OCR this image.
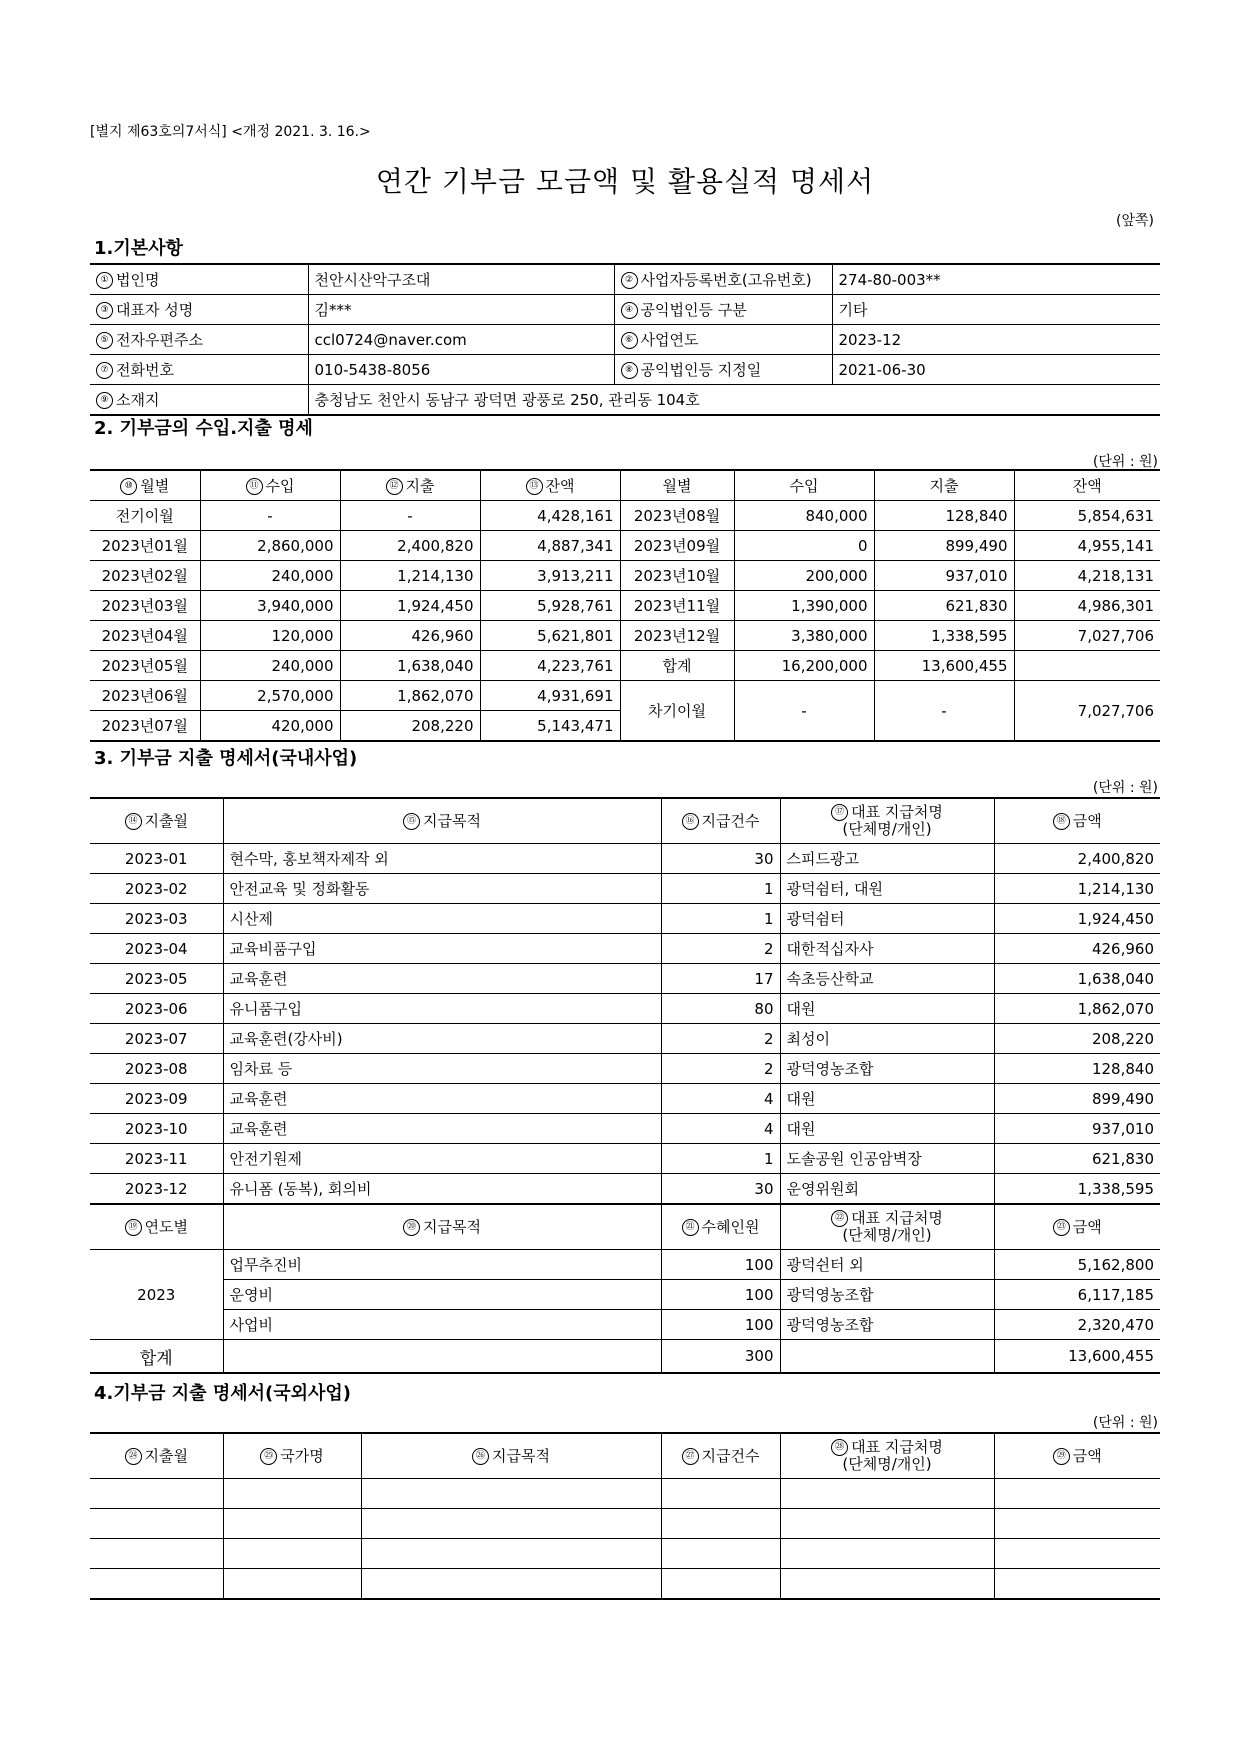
[별지 제63호의7서식] <개정 2021. 3. 16.>
연간 기부금 모금액 및 활용실적 명세서
(앞쪽)
1.기본사항
① 법인명	천안시산악구조대	② 사업자등록번호(고유번호)	274-80-003**
③ 대표자 성명	김***	④ 공익법인등 구분	기타
⑤ 전자우편주소	ccl0724@naver.com	⑥ 사업연도	2023-12
⑦ 전화번호	010-5438-8056	⑧ 공익법인등 지정일	2021-06-30
⑨ 소재지	충청남도 천안시 동남구 광덕면 광풍로 250, 관리동 104호		
2. 기부금의 수입.지출 명세
(단위 : 원)
⑩ 월별	⑪ 수입	⑫ 지출	⑬ 잔액	월별	수입	지출	잔액
전기이월	-	-	4,428,161	2023년08월	840,000	128,840	5,854,631
2023년01월	2,860,000	2,400,820	4,887,341	2023년09월	0	899,490	4,955,141
2023년02월	240,000	1,214,130	3,913,211	2023년10월	200,000	937,010	4,218,131
2023년03월	3,940,000	1,924,450	5,928,761	2023년11월	1,390,000	621,830	4,986,301
2023년04월	120,000	426,960	5,621,801	2023년12월	3,380,000	1,338,595	7,027,706
2023년05월	240,000	1,638,040	4,223,761	합계	16,200,000	13,600,455	
2023년06월	2,570,000	1,862,070	4,931,691	차기이월	-	-	7,027,706
2023년07월	420,000	208,220	5,143,471				
3. 기부금 지출 명세서(국내사업)
(단위 : 원)
⑭ 지출월	⑮ 지급목적	⑯ 지급건수	⑰ 대표 지급처명
(단체명/개인)	⑱ 금액
2023-01	현수막, 홍보책자제작 외	30	스피드광고	2,400,820
2023-02	안전교육 및 정화활동	1	광덕쉼터, 대원	1,214,130
2023-03	시산제	1	광덕쉼터	1,924,450
2023-04	교육비품구입	2	대한적십자사	426,960
2023-05	교육훈련	17	속초등산학교	1,638,040
2023-06	유니품구입	80	대원	1,862,070
2023-07	교육훈련(강사비)	2	최성이	208,220
2023-08	임차료 등	2	광덕영농조합	128,840
2023-09	교육훈련	4	대원	899,490
2023-10	교육훈련	4	대원	937,010
2023-11	안전기원제	1	도솔공원 인공암벽장	621,830
2023-12	유니폼 (동복), 회의비	30	운영위원회	1,338,595
⑲ 연도별	⑳ 지급목적	㉑ 수혜인원	㉒ 대표 지급처명
(단체명/개인)	㉓ 금액
2023	업무추진비	100	광덕쉰터 외	5,162,800
	운영비	100	광덕영농조합	6,117,185
	사업비	100	광덕영농조합	2,320,470
합계		300		13,600,455
4.기부금 지출 명세서(국외사업)
(단위 : 원)
㉔ 지출월	㉕ 국가명	㉖ 지급목적	㉗ 지급건수	㉘ 대표 지급처명
(단체명/개인)	㉙ 금액
